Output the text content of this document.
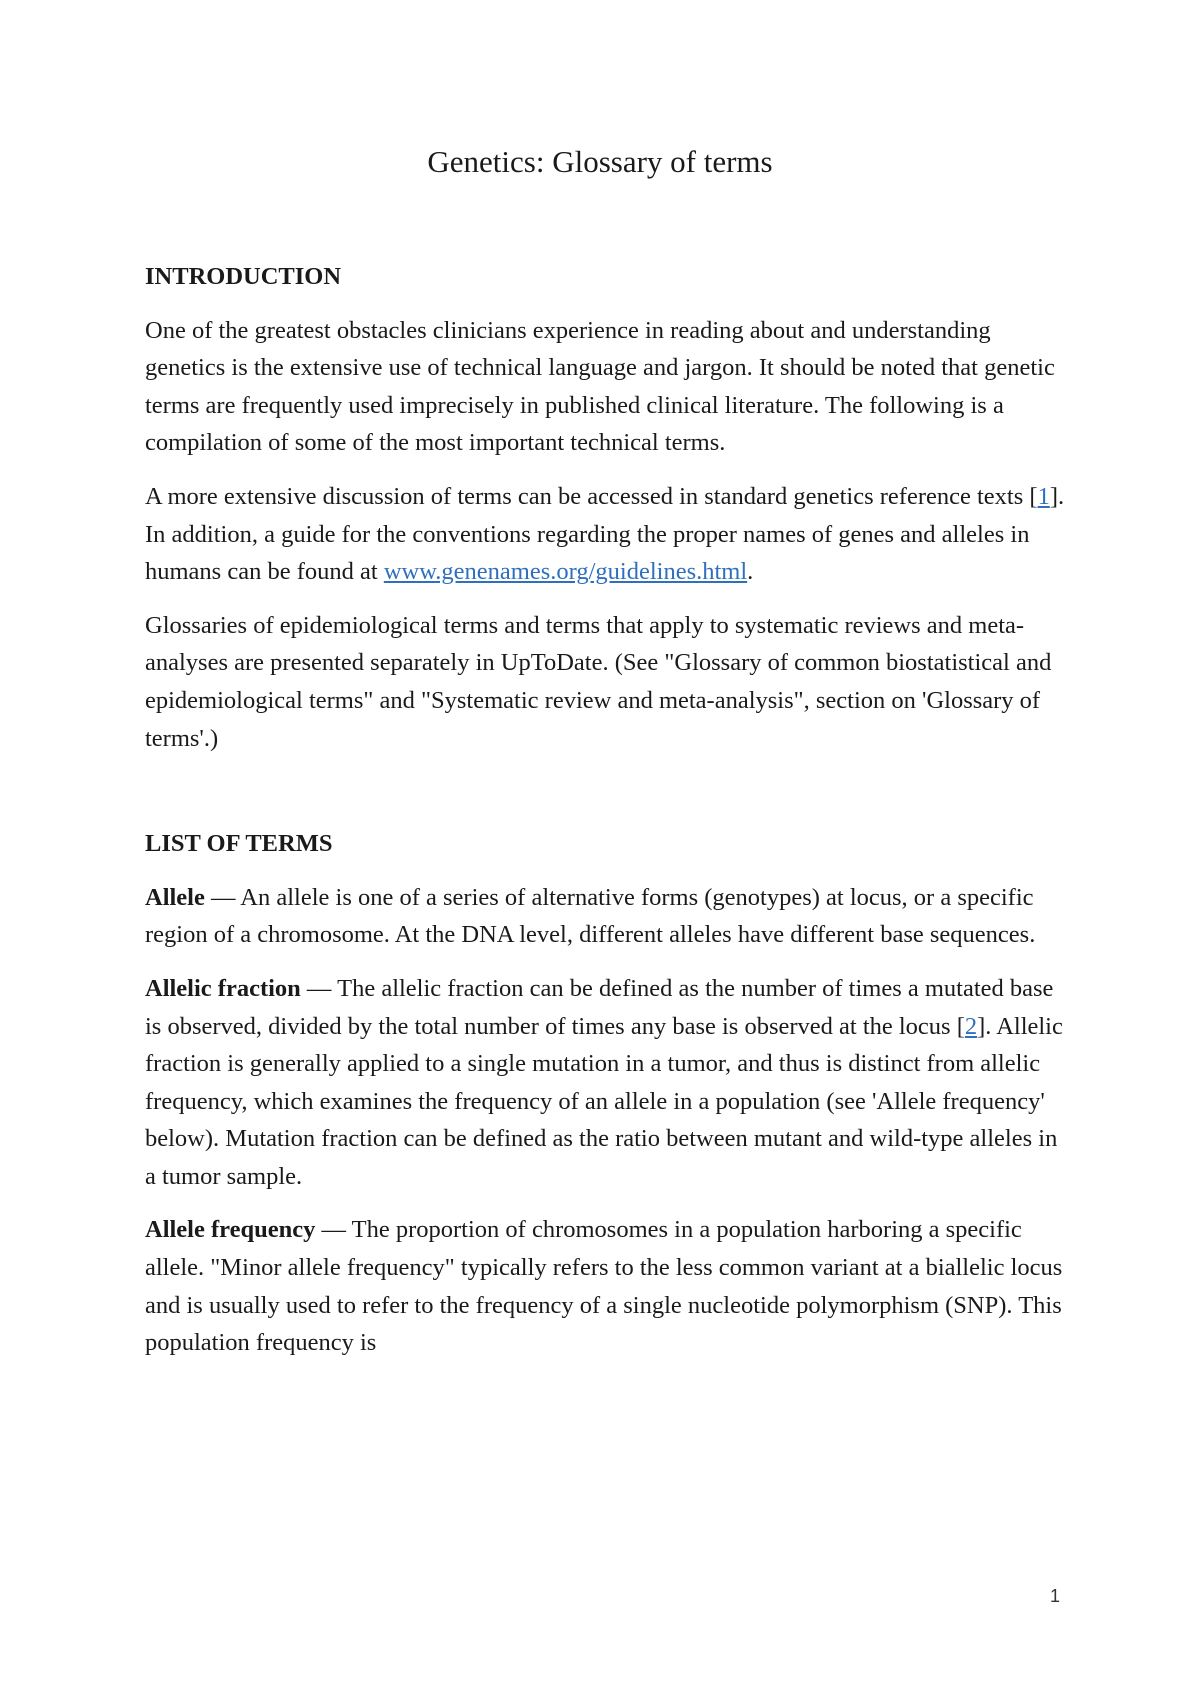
Genetics: Glossary of terms

INTRODUCTION

One of the greatest obstacles clinicians experience in reading about and understanding genetics is the extensive use of technical language and jargon. It should be noted that genetic terms are frequently used imprecisely in published clinical literature. The following is a compilation of some of the most important technical terms.

A more extensive discussion of terms can be accessed in standard genetics reference texts [1]. In addition, a guide for the conventions regarding the proper names of genes and alleles in humans can be found at www.genenames.org/guidelines.html.

Glossaries of epidemiological terms and terms that apply to systematic reviews and meta-analyses are presented separately in UpToDate. (See "Glossary of common biostatistical and epidemiological terms" and "Systematic review and meta-analysis", section on 'Glossary of terms'.)

LIST OF TERMS

Allele — An allele is one of a series of alternative forms (genotypes) at locus, or a specific region of a chromosome. At the DNA level, different alleles have different base sequences.

Allelic fraction — The allelic fraction can be defined as the number of times a mutated base is observed, divided by the total number of times any base is observed at the locus [2]. Allelic fraction is generally applied to a single mutation in a tumor, and thus is distinct from allelic frequency, which examines the frequency of an allele in a population (see 'Allele frequency' below). Mutation fraction can be defined as the ratio between mutant and wild-type alleles in a tumor sample.

Allele frequency — The proportion of chromosomes in a population harboring a specific allele. "Minor allele frequency" typically refers to the less common variant at a biallelic locus and is usually used to refer to the frequency of a single nucleotide polymorphism (SNP). This population frequency is

1
